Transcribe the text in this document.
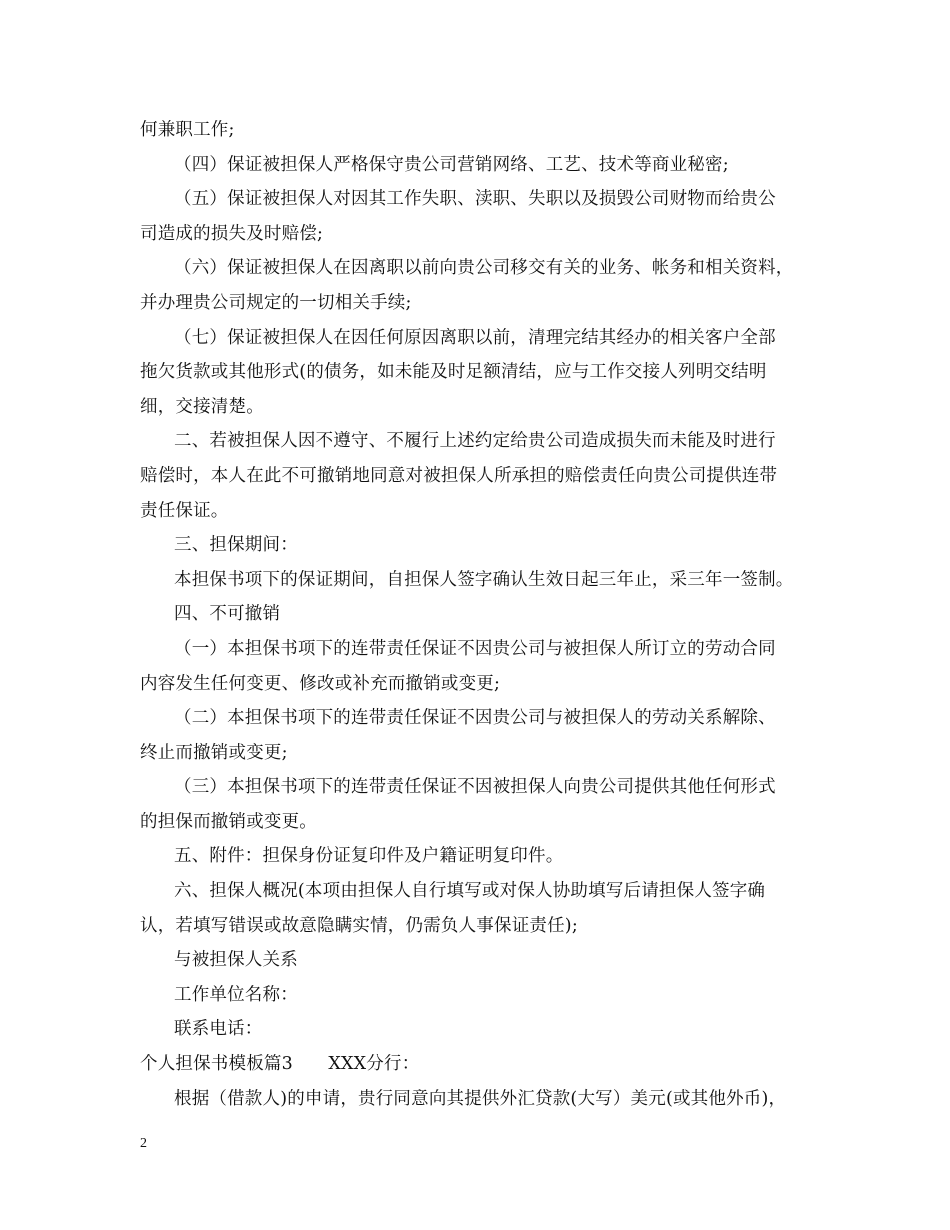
何兼职工作;
（四）保证被担保人严格保守贵公司营销网络、工艺、技术等商业秘密;
（五）保证被担保人对因其工作失职、渎职、失职以及损毁公司财物而给贵公
司造成的损失及时赔偿;
（六）保证被担保人在因离职以前向贵公司移交有关的业务、帐务和相关资料，
并办理贵公司规定的一切相关手续;
（七）保证被担保人在因任何原因离职以前，清理完结其经办的相关客户全部
拖欠货款或其他形式(的债务，如未能及时足额清结，应与工作交接人列明交结明
细，交接清楚。
二、若被担保人因不遵守、不履行上述约定给贵公司造成损失而未能及时进行
赔偿时，本人在此不可撤销地同意对被担保人所承担的赔偿责任向贵公司提供连带
责任保证。
三、担保期间：
本担保书项下的保证期间，自担保人签字确认生效日起三年止，采三年一签制。
四、不可撤销
（一）本担保书项下的连带责任保证不因贵公司与被担保人所订立的劳动合同
内容发生任何变更、修改或补充而撤销或变更;
（二）本担保书项下的连带责任保证不因贵公司与被担保人的劳动关系解除、
终止而撤销或变更;
（三）本担保书项下的连带责任保证不因被担保人向贵公司提供其他任何形式
的担保而撤销或变更。
五、附件：担保身份证复印件及户籍证明复印件。
六、担保人概况(本项由担保人自行填写或对保人协助填写后请担保人签字确
认，若填写错误或故意隐瞒实情，仍需负人事保证责任);
与被担保人关系
工作单位名称：
联系电话：
个人担保书模板篇3　　XXX分行：
根据（借款人)的申请，贵行同意向其提供外汇贷款(大写）美元(或其他外币)，
2
